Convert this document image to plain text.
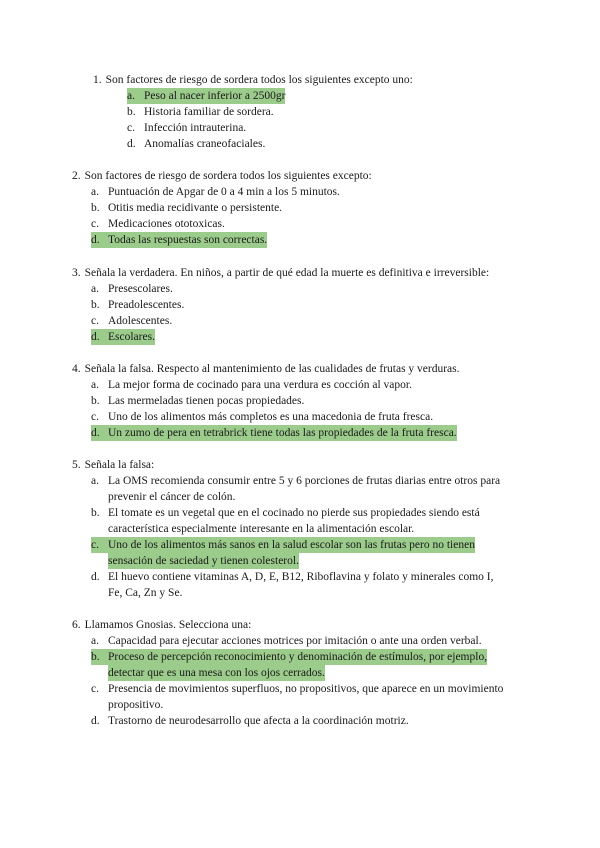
1. Son factores de riesgo de sordera todos los siguientes excepto uno:
a. Peso al nacer inferior a 2500gr
b. Historia familiar de sordera.
c. Infección intrauterina.
d. Anomalías craneofaciales.
2. Son factores de riesgo de sordera todos los siguientes excepto:
a. Puntuación de Apgar de 0 a 4 min a los 5 minutos.
b. Otitis media recidivante o persistente.
c. Medicaciones ototoxicas.
d. Todas las respuestas son correctas.
3. Señala la verdadera. En niños, a partir de qué edad la muerte es definitiva e irreversible:
a. Presescolares.
b. Preadolescentes.
c. Adolescentes.
d. Escolares.
4. Señala la falsa. Respecto al mantenimiento de las cualidades de frutas y verduras.
a. La mejor forma de cocinado para una verdura es cocción al vapor.
b. Las mermeladas tienen pocas propiedades.
c. Uno de los alimentos más completos es una macedonia de fruta fresca.
d. Un zumo de pera en tetrabrick tiene todas las propiedades de la fruta fresca.
5. Señala la falsa:
a. La OMS recomienda consumir entre 5 y 6 porciones de frutas diarias entre otros para
prevenir el cáncer de colón.
b. El tomate es un vegetal que en el cocinado no pierde sus propiedades siendo está
característica especialmente interesante en la alimentación escolar.
c. Uno de los alimentos más sanos en la salud escolar son las frutas pero no tienen
sensación de saciedad y tienen colesterol.
d. El huevo contiene vitaminas A, D, E, B12, Riboflavina y folato y minerales como I,
Fe, Ca, Zn y Se.
6. Llamamos Gnosias. Selecciona una:
a. Capacidad para ejecutar acciones motrices por imitación o ante una orden verbal.
b. Proceso de percepción reconocimiento y denominación de estímulos, por ejemplo,
detectar que es una mesa con los ojos cerrados.
c. Presencia de movimientos superfluos, no propositivos, que aparece en un movimiento
propositivo.
d. Trastorno de neurodesarrollo que afecta a la coordinación motriz.
